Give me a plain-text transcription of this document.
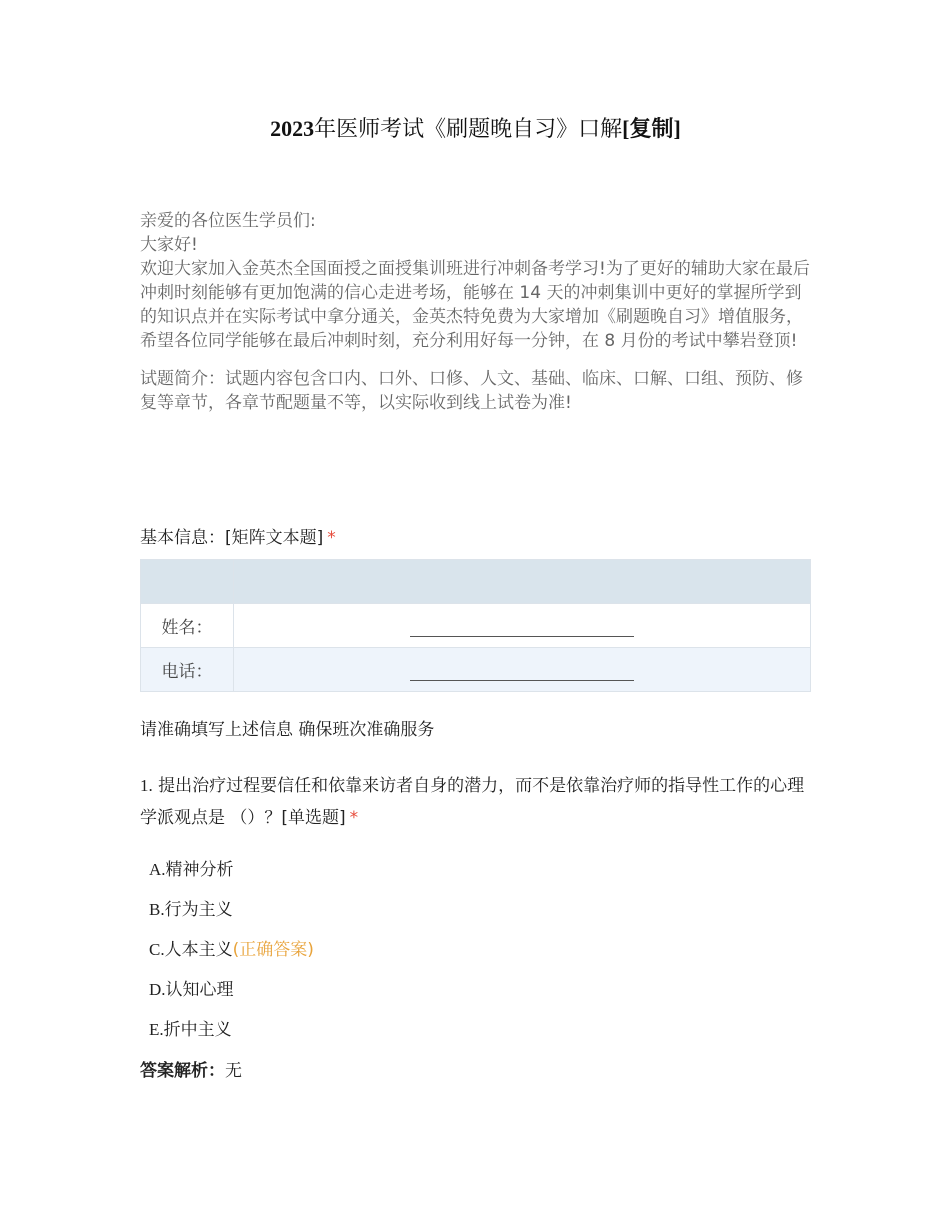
2023年医师考试《刷题晚自习》口解[复制]

亲爱的各位医生学员们:

大家好!

欢迎大家加入金英杰全国面授之面授集训班进行冲刺备考学习!为了更好的辅助大家在最后冲刺时刻能够有更加饱满的信心走进考场，能够在 14 天的冲刺集训中更好的掌握所学到的知识点并在实际考试中拿分通关，金英杰特免费为大家增加《刷题晚自习》增值服务，希望各位同学能够在最后冲刺时刻，充分利用好每一分钟，在 8 月份的考试中攀岩登顶!

试题简介：试题内容包含口内、口外、口修、人文、基础、临床、口解、口组、预防、修复等章节，各章节配题量不等，以实际收到线上试卷为准!

基本信息：[矩阵文本题] *

姓名：	
电话：	
请准确填写上述信息 确保班次准确服务
1. 提出治疗过程要信任和依靠来访者自身的潜力，而不是依靠治疗师的指导性工作的心理学派观点是 （）？[单选题] *
A.精神分析
B.行为主义
C.人本主义(正确答案)
D.认知心理
E.折中主义
答案解析：无
